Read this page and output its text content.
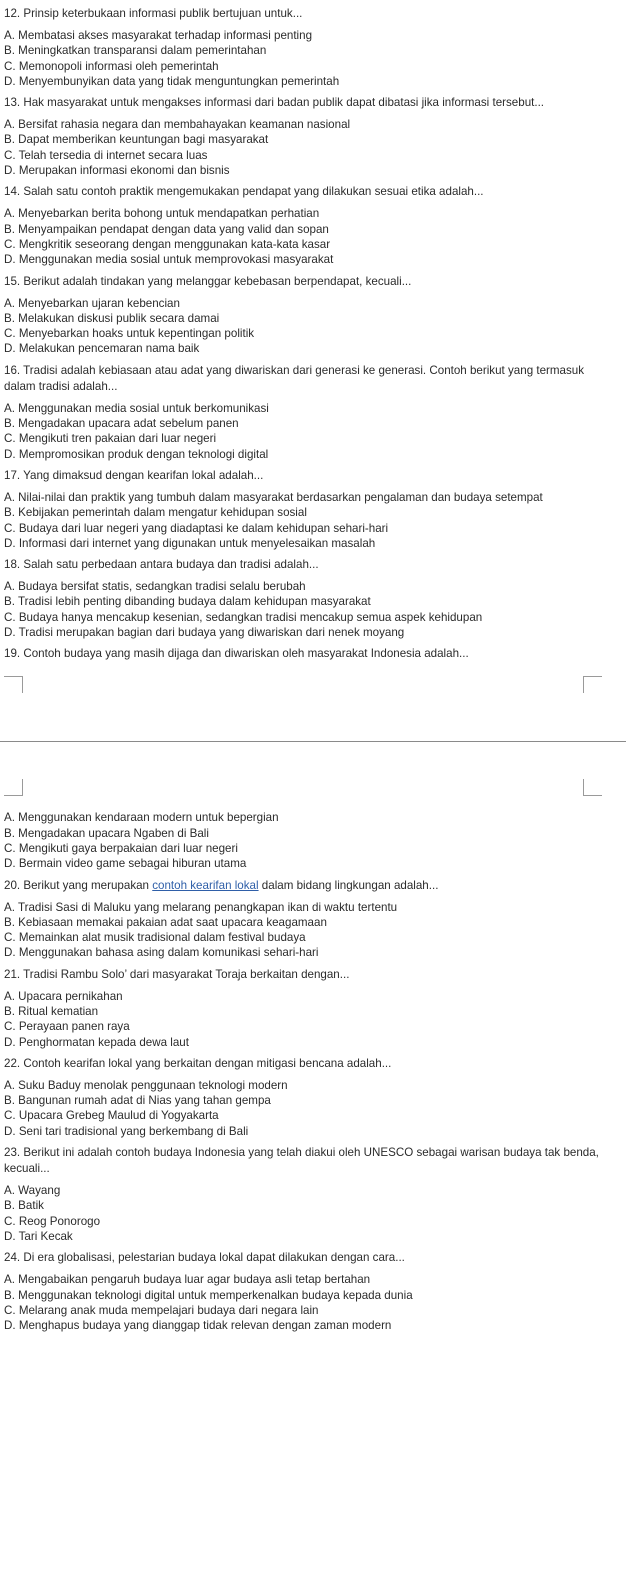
12. Prinsip keterbukaan informasi publik bertujuan untuk...
A. Membatasi akses masyarakat terhadap informasi penting
B. Meningkatkan transparansi dalam pemerintahan
C. Memonopoli informasi oleh pemerintah
D. Menyembunyikan data yang tidak menguntungkan pemerintah
13. Hak masyarakat untuk mengakses informasi dari badan publik dapat dibatasi jika informasi tersebut...
A. Bersifat rahasia negara dan membahayakan keamanan nasional
B. Dapat memberikan keuntungan bagi masyarakat
C. Telah tersedia di internet secara luas
D. Merupakan informasi ekonomi dan bisnis
14. Salah satu contoh praktik mengemukakan pendapat yang dilakukan sesuai etika adalah...
A. Menyebarkan berita bohong untuk mendapatkan perhatian
B. Menyampaikan pendapat dengan data yang valid dan sopan
C. Mengkritik seseorang dengan menggunakan kata-kata kasar
D. Menggunakan media sosial untuk memprovokasi masyarakat
15. Berikut adalah tindakan yang melanggar kebebasan berpendapat, kecuali...
A. Menyebarkan ujaran kebencian
B. Melakukan diskusi publik secara damai
C. Menyebarkan hoaks untuk kepentingan politik
D. Melakukan pencemaran nama baik
16. Tradisi adalah kebiasaan atau adat yang diwariskan dari generasi ke generasi. Contoh berikut yang termasuk dalam tradisi adalah...
A. Menggunakan media sosial untuk berkomunikasi
B. Mengadakan upacara adat sebelum panen
C. Mengikuti tren pakaian dari luar negeri
D. Mempromosikan produk dengan teknologi digital
17. Yang dimaksud dengan kearifan lokal adalah...
A. Nilai-nilai dan praktik yang tumbuh dalam masyarakat berdasarkan pengalaman dan budaya setempat
B. Kebijakan pemerintah dalam mengatur kehidupan sosial
C. Budaya dari luar negeri yang diadaptasi ke dalam kehidupan sehari-hari
D. Informasi dari internet yang digunakan untuk menyelesaikan masalah
18. Salah satu perbedaan antara budaya dan tradisi adalah...
A. Budaya bersifat statis, sedangkan tradisi selalu berubah
B. Tradisi lebih penting dibanding budaya dalam kehidupan masyarakat
C. Budaya hanya mencakup kesenian, sedangkan tradisi mencakup semua aspek kehidupan
D. Tradisi merupakan bagian dari budaya yang diwariskan dari nenek moyang
19. Contoh budaya yang masih dijaga dan diwariskan oleh masyarakat Indonesia adalah...
A. Menggunakan kendaraan modern untuk bepergian
B. Mengadakan upacara Ngaben di Bali
C. Mengikuti gaya berpakaian dari luar negeri
D. Bermain video game sebagai hiburan utama
20. Berikut yang merupakan contoh kearifan lokal dalam bidang lingkungan adalah...
A. Tradisi Sasi di Maluku yang melarang penangkapan ikan di waktu tertentu
B. Kebiasaan memakai pakaian adat saat upacara keagamaan
C. Memainkan alat musik tradisional dalam festival budaya
D. Menggunakan bahasa asing dalam komunikasi sehari-hari
21. Tradisi Rambu Solo’ dari masyarakat Toraja berkaitan dengan...
A. Upacara pernikahan
B. Ritual kematian
C. Perayaan panen raya
D. Penghormatan kepada dewa laut
22. Contoh kearifan lokal yang berkaitan dengan mitigasi bencana adalah...
A. Suku Baduy menolak penggunaan teknologi modern
B. Bangunan rumah adat di Nias yang tahan gempa
C. Upacara Grebeg Maulud di Yogyakarta
D. Seni tari tradisional yang berkembang di Bali
23. Berikut ini adalah contoh budaya Indonesia yang telah diakui oleh UNESCO sebagai warisan budaya tak benda, kecuali...
A. Wayang
B. Batik
C. Reog Ponorogo
D. Tari Kecak
24. Di era globalisasi, pelestarian budaya lokal dapat dilakukan dengan cara...
A. Mengabaikan pengaruh budaya luar agar budaya asli tetap bertahan
B. Menggunakan teknologi digital untuk memperkenalkan budaya kepada dunia
C. Melarang anak muda mempelajari budaya dari negara lain
D. Menghapus budaya yang dianggap tidak relevan dengan zaman modern
